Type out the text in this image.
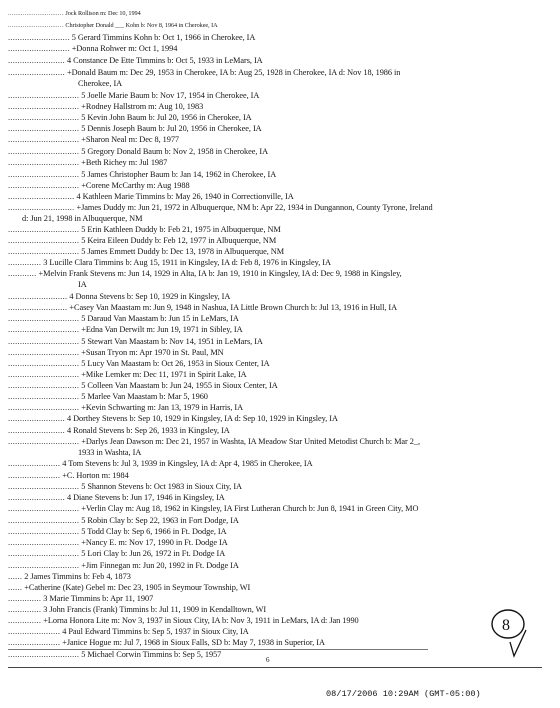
.............................. Jock Rollison m: Dec 10, 1994
.............................. Christopher Donald ___ Kohn b: Nov 8, 1964 in Cherokee, IA
.......................... 5 Gerard Timmins Kohn b: Oct 1, 1966 in Cherokee, IA
.......................... +Donna Rohwer m: Oct 1, 1994
........................ 4 Constance De Ette Timmins b: Oct 5, 1933 in LeMars, IA
........................ +Donald Baum m: Dec 29, 1953 in Cherokee, IA b: Aug 25, 1928 in Cherokee, IA d: Nov 18, 1986 in
Cherokee, IA
.............................. 5 Joelle Marie Baum b: Nov 17, 1954 in Cherokee, IA
.............................. +Rodney Hallstrom m: Aug 10, 1983
.............................. 5 Kevin John Baum b: Jul 20, 1956 in Cherokee, IA
.............................. 5 Dennis Joseph Baum b: Jul 20, 1956 in Cherokee, IA
.............................. +Sharon Neal m: Dec 8, 1977
.............................. 5 Gregory Donald Baum b: Nov 2, 1958 in Cherokee, IA
.............................. +Beth Richey m: Jul 1987
.............................. 5 James Christopher Baum b: Jan 14, 1962 in Cherokee, IA
.............................. +Corene McCarthy m: Aug 1988
............................ 4 Kathleen Marie Timmins b: May 26, 1940 in Correctionville, IA
............................ +James Duddy m: Jun 21, 1972 in Albuquerque, NM b: Apr 22, 1934 in Dungannon, County Tyrone, Ireland
d: Jun 21, 1998 in Albuquerque, NM
.............................. 5 Erin Kathleen Duddy b: Feb 21, 1975 in Albuquerque, NM
.............................. 5 Keira Eileen Duddy b: Feb 12, 1977 in Albuquerque, NM
.............................. 5 James Emmett Duddy b: Dec 13, 1978 in Albuquerque, NM
.............. 3 Lucille Clara Timmins b: Aug 15, 1911 in Kingsley, IA d: Feb 8, 1976 in Kingsley, IA
............ +Melvin Frank Stevens m: Jun 14, 1929 in Alta, IA b: Jan 19, 1910 in Kingsley, IA d: Dec 9, 1988 in Kingsley,
IA
......................... 4 Donna Stevens b: Sep 10, 1929 in Kingsley, IA
......................... +Casey Van Maastam m: Jun 9, 1948 in Nashua, IA Little Brown Church b: Jul 13, 1916 in Hull, IA
.............................. 5 Daraud Van Maastam b: Jun 15 in LeMars, IA
.............................. +Edna Van Derwilt m: Jun 19, 1971 in Sibley, IA
.............................. 5 Stewart Van Maastam b: Nov 14, 1951 in LeMars, IA
.............................. +Susan Tryon m: Apr 1970 in St. Paul, MN
.............................. 5 Lucy Van Maastam b: Oct 26, 1953 in Sioux Center, IA
.............................. +Mike Lemker m: Dec 11, 1971 in Spirit Lake, IA
.............................. 5 Colleen Van Maastam b: Jun 24, 1955 in Sioux Center, IA
.............................. 5 Marlee Van Maastam b: Mar 5, 1960
.............................. +Kevin Schwarting m: Jan 13, 1979 in Harris, IA
........................ 4 Dorthey Stevens b: Sep 10, 1929 in Kingsley, IA d: Sep 10, 1929 in Kingsley, IA
........................ 4 Ronald Stevens b: Sep 26, 1933 in Kingsley, IA
.............................. +Darlys Jean Dawson m: Dec 21, 1957 in Washta, IA Meadow Star United Metodist Church b: Mar 2_,
1933 in Washta, IA
...................... 4 Tom Stevens b: Jul 3, 1939 in Kingsley, IA d: Apr 4, 1985 in Cherokee, IA
...................... +C. Horton m: 1984
.............................. 5 Shannon Stevens b: Oct 1983 in Sioux City, IA
........................ 4 Diane Stevens b: Jun 17, 1946 in Kingsley, IA
.............................. +Verlin Clay m: Aug 18, 1962 in Kingsley, IA First Lutheran Church b: Jun 8, 1941 in Green City, MO
.............................. 5 Robin Clay b: Sep 22, 1963 in Fort Dodge, IA
.............................. 5 Todd Clay b: Sep 6, 1966 in Ft. Dodge, IA
.............................. +Nancy E. m: Nov 17, 1990 in Ft. Dodge IA
.............................. 5 Lori Clay b: Jun 26, 1972 in Ft. Dodge IA
.............................. +Jim Finnegan m: Jun 20, 1992 in Ft. Dodge IA
...... 2 James Timmins b: Feb 4, 1873
...... +Catherine (Kate) Gebel m: Dec 23, 1905 in Seymour Township, WI
.............. 3 Marie Timmins b: Apr 11, 1907
.............. 3 John Francis (Frank) Timmins b: Jul 11, 1909 in Kendalltown, WI
.............. +Lorna Honora Lite m: Nov 3, 1937 in Sioux City, IA b: Nov 3, 1911 in LeMars, IA d: Jan 1990
...................... 4 Paul Edward Timmins b: Sep 5, 1937 in Sioux City, IA
...................... +Janice Hogue m: Jul 7, 1968 in Sioux Falls, SD b: May 7, 1938 in Superior, IA
.............................. 5 Michael Corwin Timmins b: Sep 5, 1957
6
8
08/17/2006 10:29AM (GMT-05:00)
